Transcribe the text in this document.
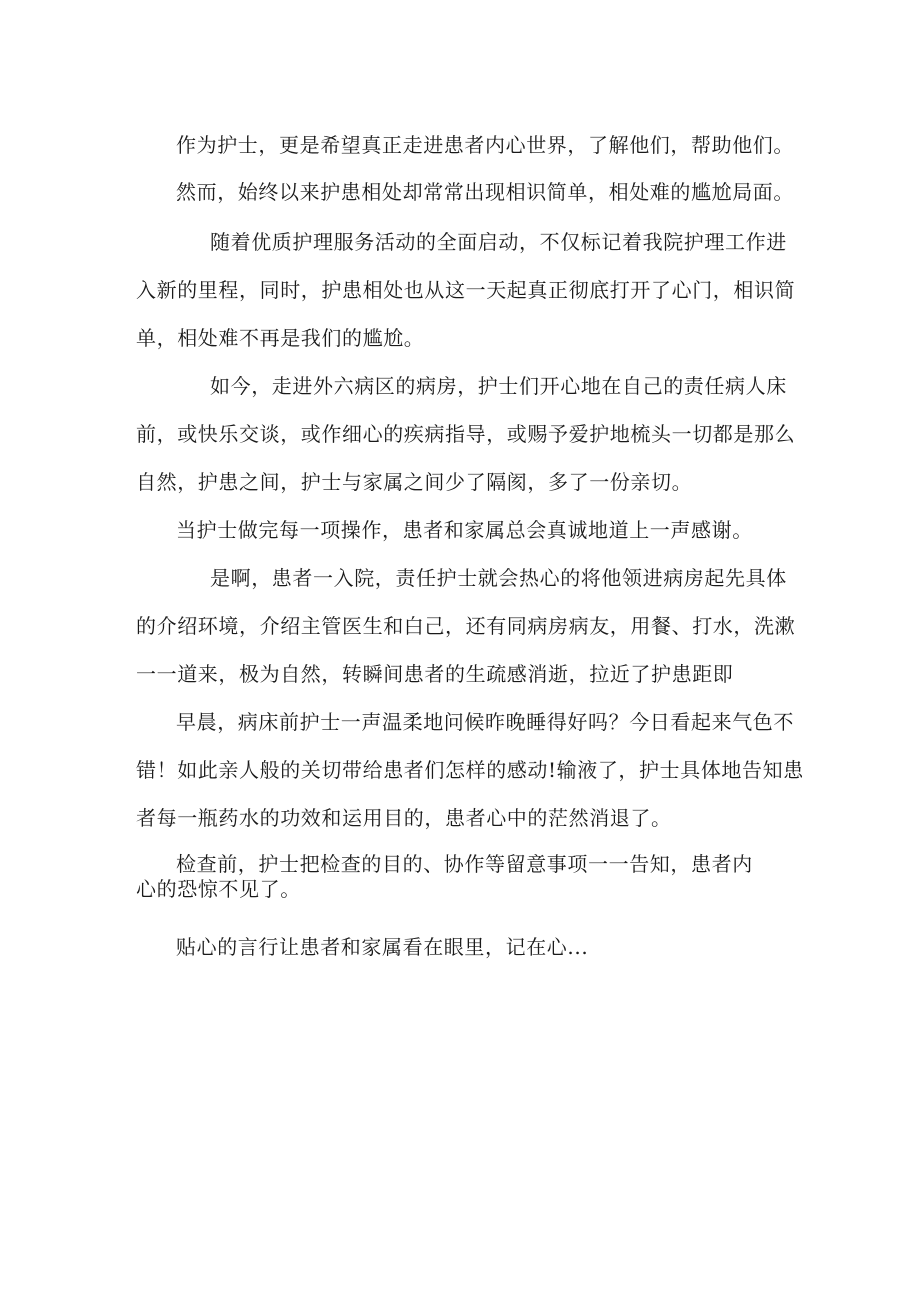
作为护士，更是希望真正走进患者内心世界，了解他们，帮助他们。
然而，始终以来护患相处却常常出现相识简单，相处难的尴尬局面。
随着优质护理服务活动的全面启动，不仅标记着我院护理工作进
入新的里程，同时，护患相处也从这一天起真正彻底打开了心门，相识简
单，相处难不再是我们的尴尬。
如今，走进外六病区的病房，护士们开心地在自己的责任病人床
前，或快乐交谈，或作细心的疾病指导，或赐予爱护地梳头一切都是那么
自然，护患之间，护士与家属之间少了隔阂，多了一份亲切。
当护士做完每一项操作，患者和家属总会真诚地道上一声感谢。
是啊，患者一入院，责任护士就会热心的将他领进病房起先具体
的介绍环境，介绍主管医生和白己，还有同病房病友，用餐、打水，洗漱
一一道来，极为自然，转瞬间患者的生疏感消逝，拉近了护患距即
早晨，病床前护士一声温柔地问候昨晚睡得好吗？今日看起来气色不
错！如此亲人般的关切带给患者们怎样的感动!输液了，护士具体地告知患
者每一瓶药水的功效和运用目的，患者心中的茫然消退了。
检查前，护士把检查的目的、协作等留意事项一一告知，患者内
心的恐惊不见了。
贴心的言行让患者和家属看在眼里，记在心...
